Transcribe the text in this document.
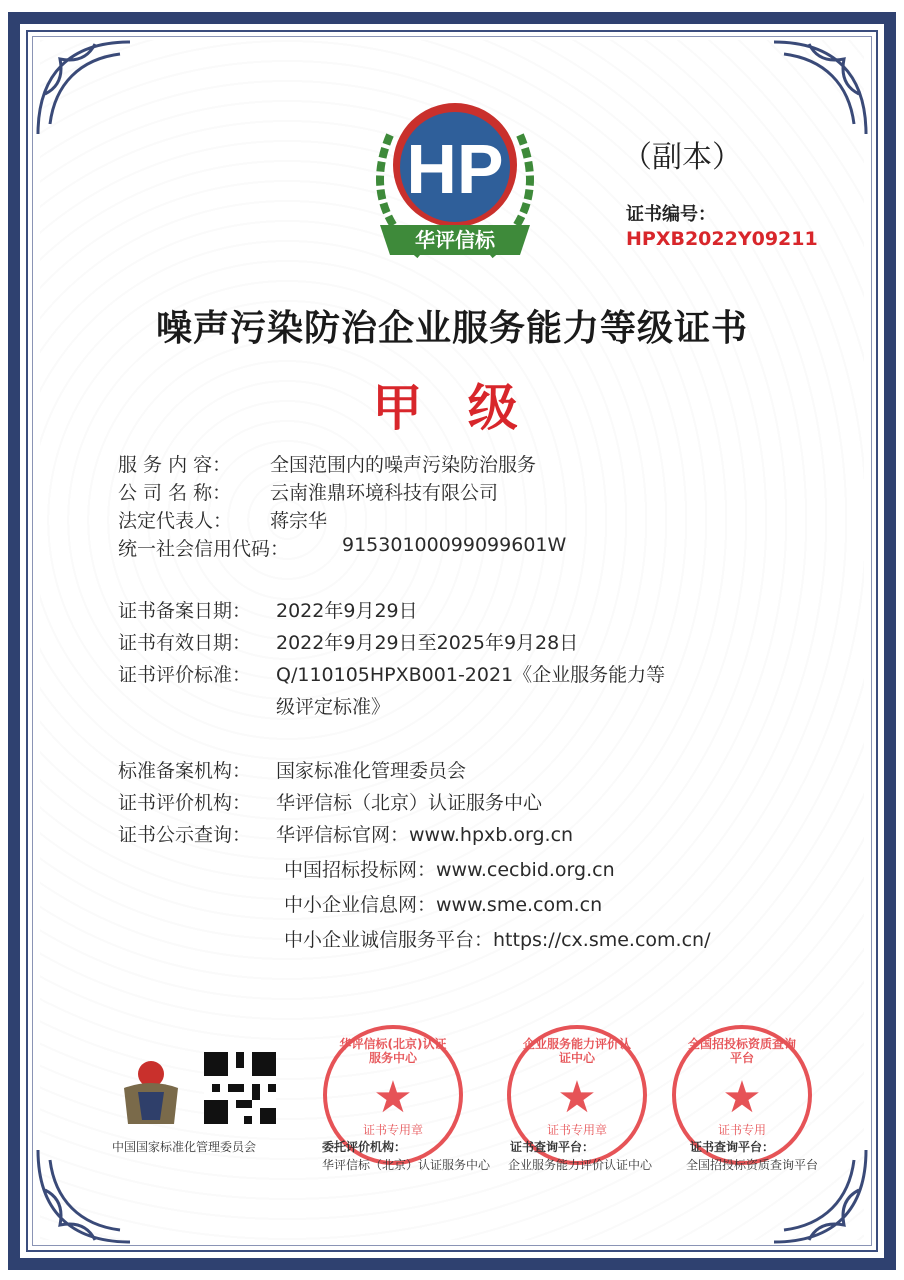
HP
华评信标
（副本）
证书编号：
HPXB2022Y09211
噪声污染防治企业服务能力等级证书
甲 级
服 务 内 容： 全国范围内的噪声污染防治服务
公 司 名 称： 云南淮鼎环境科技有限公司
法定代表人： 蒋宗华
统一社会信用代码：	91530100099099601W
证书备案日期： 2022年9月29日
证书有效日期： 2022年9月29日至2025年9月28日
证书评价标准： Q/110105HPXB001-2021《企业服务能力等
级评定标准》
标准备案机构： 国家标准化管理委员会
证书评价机构： 华评信标（北京）认证服务中心
证书公示查询： 华评信标官网：www.hpxb.org.cn
中国招标投标网：www.cecbid.org.cn
中小企业信息网：www.sme.com.cn
中小企业诚信服务平台：https://cx.sme.com.cn/
中国国家标准化管理委员会
华评信标(北京)认证服务中心
★
证书专用章
企业服务能力评价认证中心
★
证书专用章
全国招投标资质查询平台
★
证书专用
委托评价机构：
华评信标（北京）认证服务中心
证书查询平台：
企业服务能力评价认证中心
证书查询平台：
全国招投标资质查询平台
